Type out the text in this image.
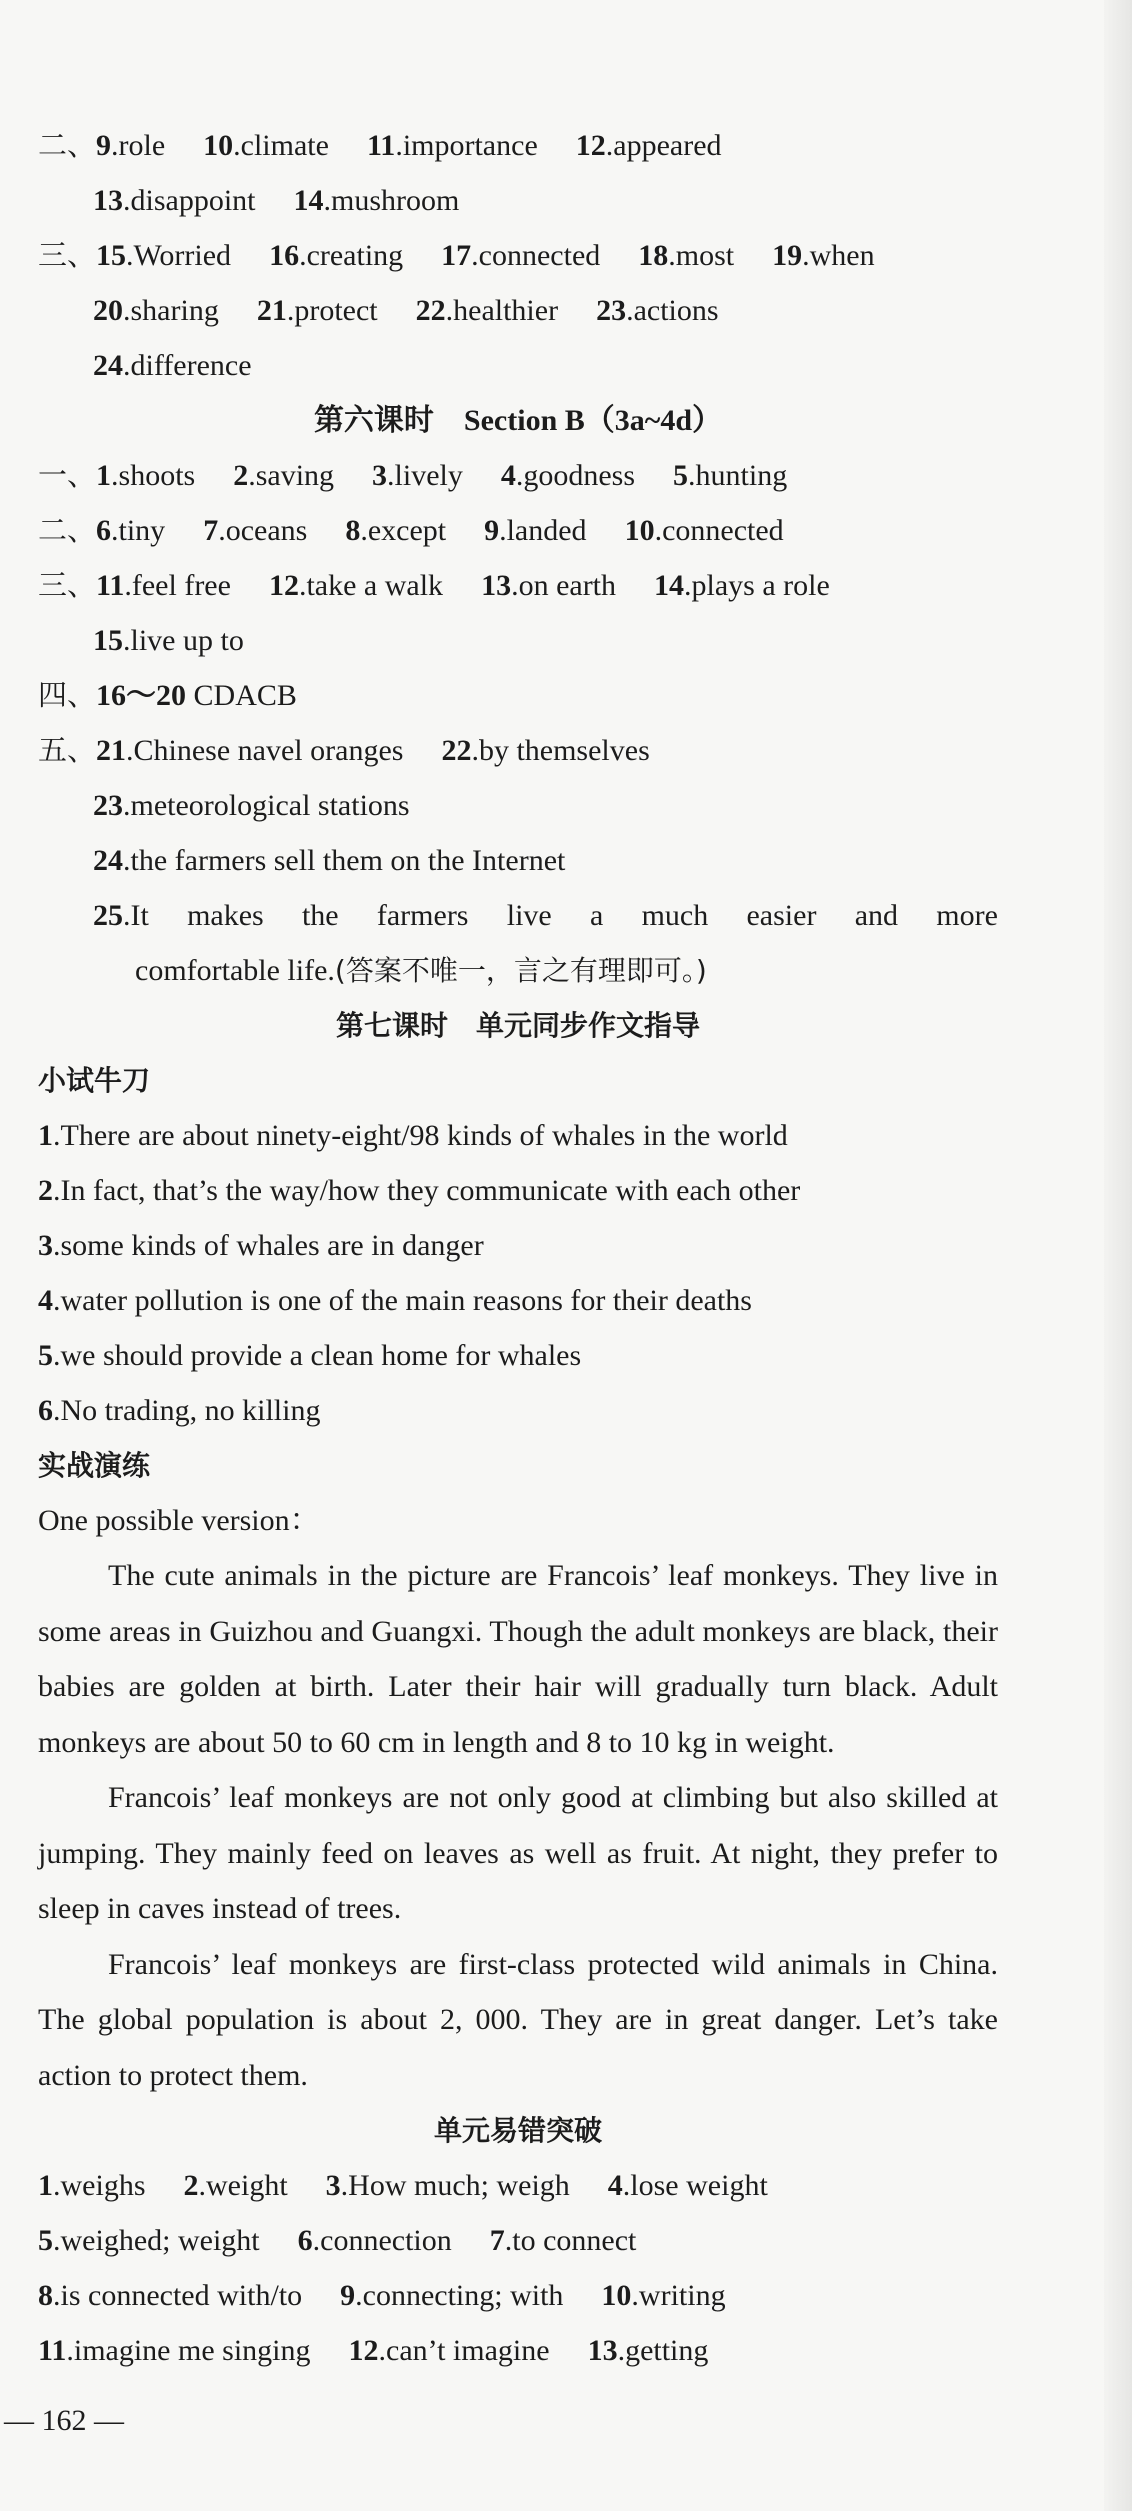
二、9.role 10.climate 11.importance 12.appeared
13.disappoint 14.mushroom
三、15.Worried 16.creating 17.connected 18.most 19.when
20.sharing 21.protect 22.healthier 23.actions
24.difference
第六课时　Section B（3a~4d）
一、1.shoots 2.saving 3.lively 4.goodness 5.hunting
二、6.tiny 7.oceans 8.except 9.landed 10.connected
三、11.feel free 12.take a walk 13.on earth 14.plays a role
15.live up to
四、16～20 CDACB
五、21.Chinese navel oranges 22.by themselves
23.meteorological stations
24.the farmers sell them on the Internet
25.It makes the farmers live a much easier and more
comfortable life.(答案不唯一，言之有理即可。)
第七课时　单元同步作文指导
小试牛刀
1.There are about ninety-eight/98 kinds of whales in the world
2.In fact, that’s the way/how they communicate with each other
3.some kinds of whales are in danger
4.water pollution is one of the main reasons for their deaths
5.we should provide a clean home for whales
6.No trading, no killing
实战演练
One possible version：

The cute animals in the picture are Francois’ leaf monkeys. They live in some areas in Guizhou and Guangxi. Though the adult monkeys are black, their babies are golden at birth. Later their hair will gradually turn black. Adult monkeys are about 50 to 60 cm in length and 8 to 10 kg in weight.

Francois’ leaf monkeys are not only good at climbing but also skilled at jumping. They mainly feed on leaves as well as fruit. At night, they prefer to sleep in caves instead of trees.

Francois’ leaf monkeys are first-class protected wild animals in China. The global population is about 2, 000. They are in great danger. Let’s take action to protect them.

单元易错突破
1.weighs 2.weight 3.How much; weigh 4.lose weight
5.weighed; weight 6.connection 7.to connect
8.is connected with/to 9.connecting; with 10.writing
11.imagine me singing 12.can’t imagine 13.getting
— 162 —
